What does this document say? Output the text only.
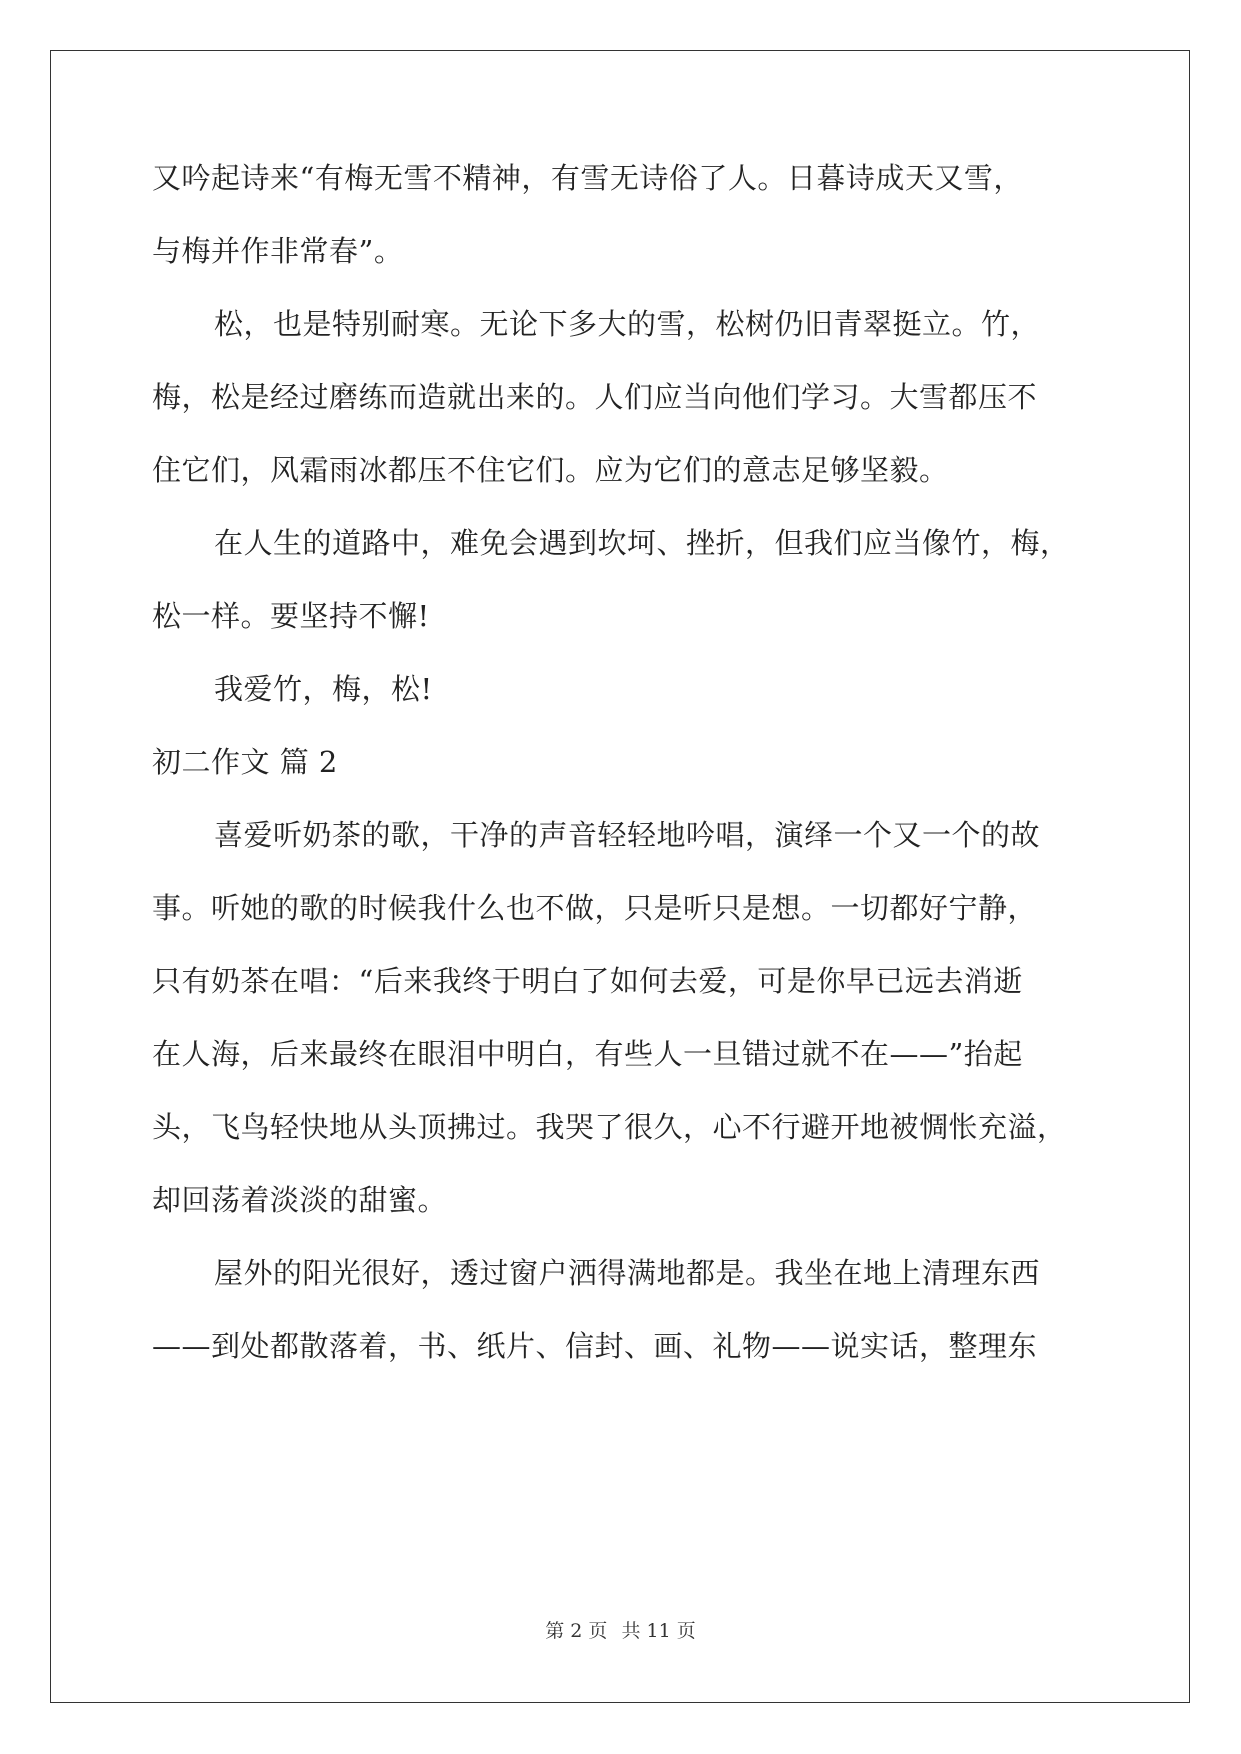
又吟起诗来“有梅无雪不精神，有雪无诗俗了人。日暮诗成天又雪，
与梅并作非常春”。
松，也是特别耐寒。无论下多大的雪，松树仍旧青翠挺立。竹，
梅，松是经过磨练而造就出来的。人们应当向他们学习。大雪都压不
住它们，风霜雨冰都压不住它们。应为它们的意志足够坚毅。
在人生的道路中，难免会遇到坎坷、挫折，但我们应当像竹，梅，
松一样。要坚持不懈!
我爱竹，梅，松!
初二作文 篇 2
喜爱听奶茶的歌，干净的声音轻轻地吟唱，演绎一个又一个的故
事。听她的歌的时候我什么也不做，只是听只是想。一切都好宁静，
只有奶茶在唱：“后来我终于明白了如何去爱，可是你早已远去消逝
在人海，后来最终在眼泪中明白，有些人一旦错过就不在——”抬起
头，飞鸟轻快地从头顶拂过。我哭了很久，心不行避开地被惆怅充溢，
却回荡着淡淡的甜蜜。
屋外的阳光很好，透过窗户洒得满地都是。我坐在地上清理东西
——到处都散落着，书、纸片、信封、画、礼物——说实话，整理东
第 2 页 共 11 页
